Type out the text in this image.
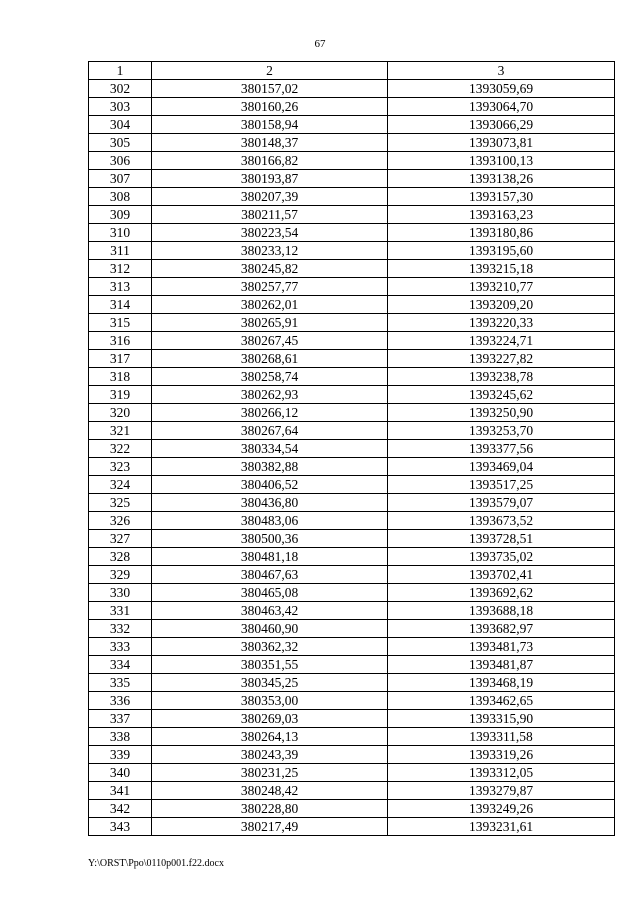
67
1	2	3
302	380157,02	1393059,69
303	380160,26	1393064,70
304	380158,94	1393066,29
305	380148,37	1393073,81
306	380166,82	1393100,13
307	380193,87	1393138,26
308	380207,39	1393157,30
309	380211,57	1393163,23
310	380223,54	1393180,86
311	380233,12	1393195,60
312	380245,82	1393215,18
313	380257,77	1393210,77
314	380262,01	1393209,20
315	380265,91	1393220,33
316	380267,45	1393224,71
317	380268,61	1393227,82
318	380258,74	1393238,78
319	380262,93	1393245,62
320	380266,12	1393250,90
321	380267,64	1393253,70
322	380334,54	1393377,56
323	380382,88	1393469,04
324	380406,52	1393517,25
325	380436,80	1393579,07
326	380483,06	1393673,52
327	380500,36	1393728,51
328	380481,18	1393735,02
329	380467,63	1393702,41
330	380465,08	1393692,62
331	380463,42	1393688,18
332	380460,90	1393682,97
333	380362,32	1393481,73
334	380351,55	1393481,87
335	380345,25	1393468,19
336	380353,00	1393462,65
337	380269,03	1393315,90
338	380264,13	1393311,58
339	380243,39	1393319,26
340	380231,25	1393312,05
341	380248,42	1393279,87
342	380228,80	1393249,26
343	380217,49	1393231,61
Y:\ORST\Ppo\0110p001.f22.docx
